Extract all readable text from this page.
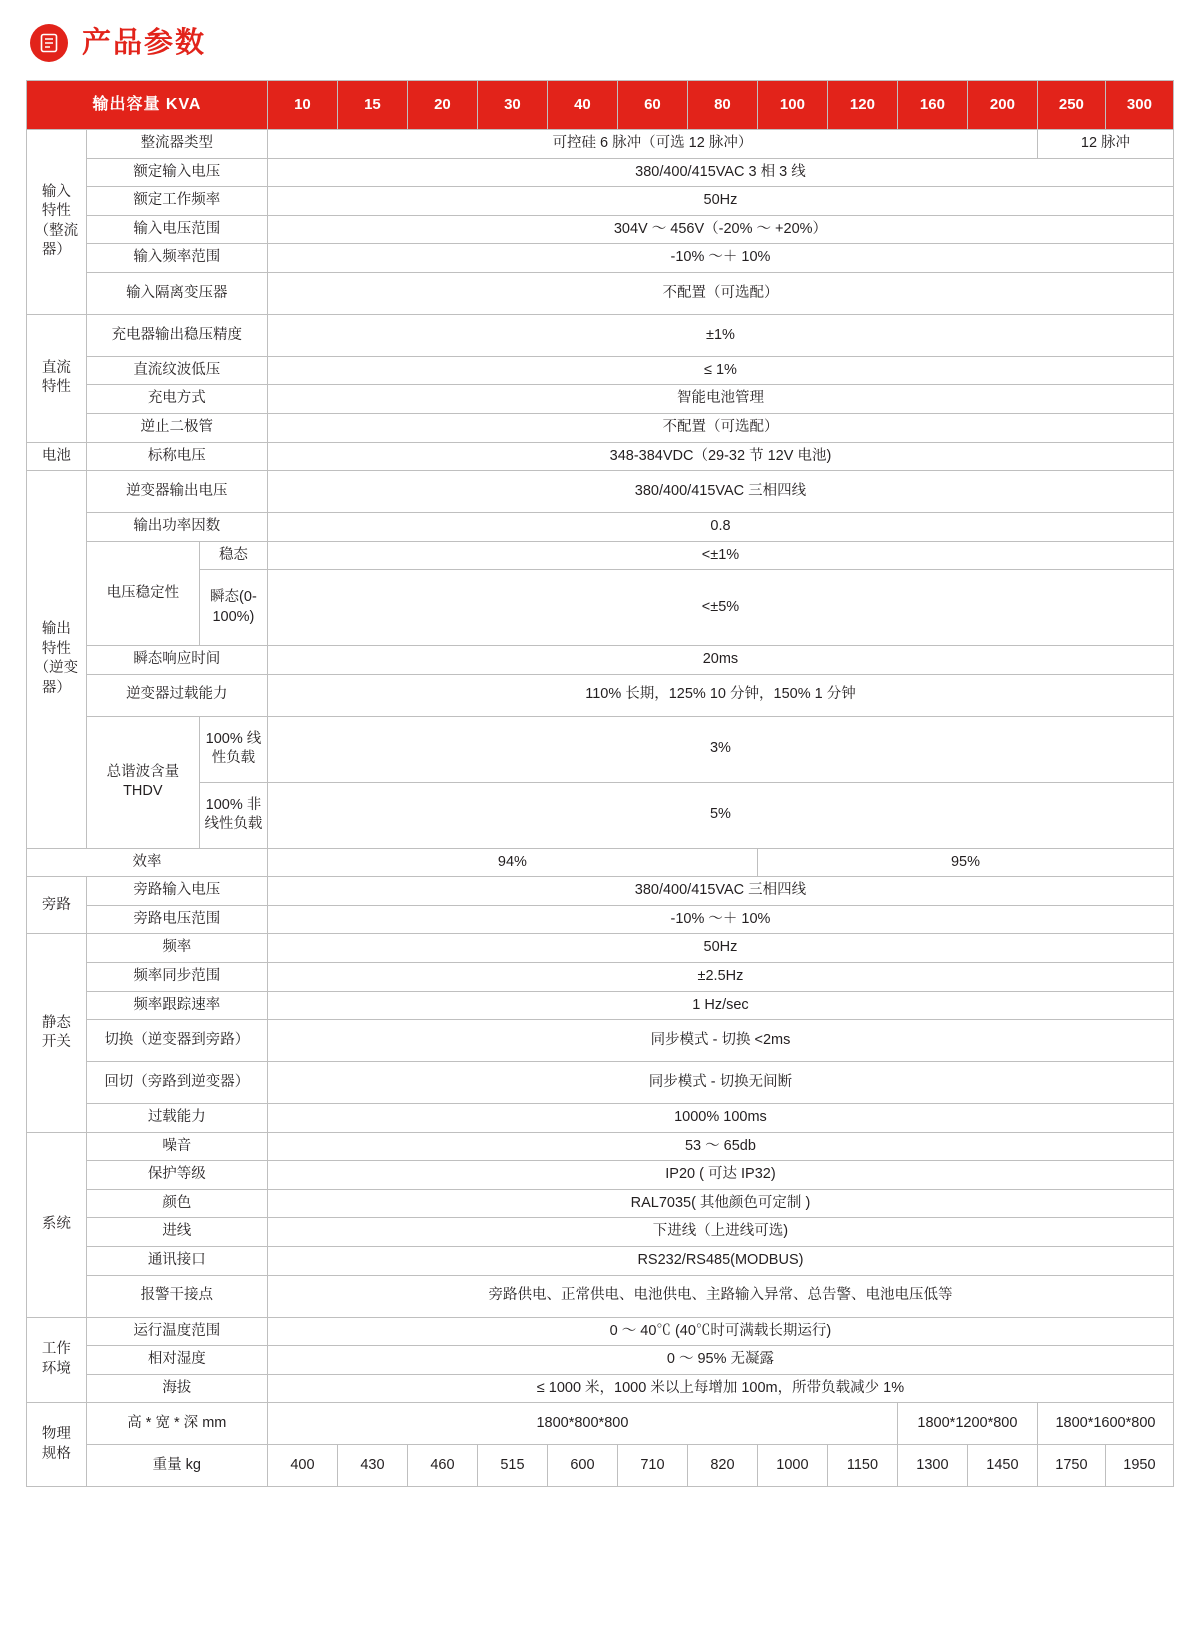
产品参数
输出容量 KVA			10	15	20	30	40	60	80	100	120	160	200	250	300

输入
特性
（整流
器）	整流器类型		可控硅 6 脉冲（可选 12 脉冲）											12 脉冲	
	额定输入电压		380/400/415VAC 3 相 3 线												
	额定工作频率		50Hz												
	输入电压范围		304V ～ 456V（-20% ～ +20%）												
	输入频率范围		-10% ～＋ 10%												
	输入隔离变压器		不配置（可选配）												

直流
特性	充电器输出稳压精度		±1%												
	直流纹波低压		≤ 1%												
	充电方式		智能电池管理												
	逆止二极管		不配置（可选配）												
电池	标称电压		348-384VDC（29-32 节 12V 电池)												

输出
特性
（逆变
器）	逆变器输出电压		380/400/415VAC 三相四线												
	输出功率因数		0.8												
	电压稳定性	稳态	<±1%												
		瞬态(0-100%)	<±5%												
	瞬态响应时间		20ms												
	逆变器过载能力		110% 长期，125% 10 分钟，150% 1 分钟												
	总谐波含量 THDV	100% 线性负载	3%												
		100% 非线性负载	5%												
效率			94%							95%					
旁路	旁路输入电压		380/400/415VAC 三相四线												
	旁路电压范围		-10% ～＋ 10%												

静态
开关	频率		50Hz												
	频率同步范围		±2.5Hz												
	频率跟踪速率		1 Hz/sec												
	切换（逆变器到旁路）		同步模式 - 切换 <2ms												
	回切（旁路到逆变器）		同步模式 - 切换无间断												
	过载能力		1000% 100ms												
系统	噪音		53 ～ 65db												
	保护等级		IP20 ( 可达 IP32)												
	颜色		RAL7035( 其他颜色可定制 )												
	进线		下进线（上进线可选)												
	通讯接口		RS232/RS485(MODBUS)												
	报警干接点		旁路供电、正常供电、电池供电、主路输入异常、总告警、电池电压低等												

工作
环境	运行温度范围		0 ～ 40℃ (40℃时可满载长期运行)												
	相对湿度		0 ～ 95% 无凝露												
	海拔		≤ 1000 米，1000 米以上每增加 100m，所带负载减少 1%												

物理
规格	高 * 宽 * 深 mm		1800*800*800									1800*1200*800		1800*1600*800	
	重量 kg		400	430	460	515	600	710	820	1000	1150	1300	1450	1750	1950
